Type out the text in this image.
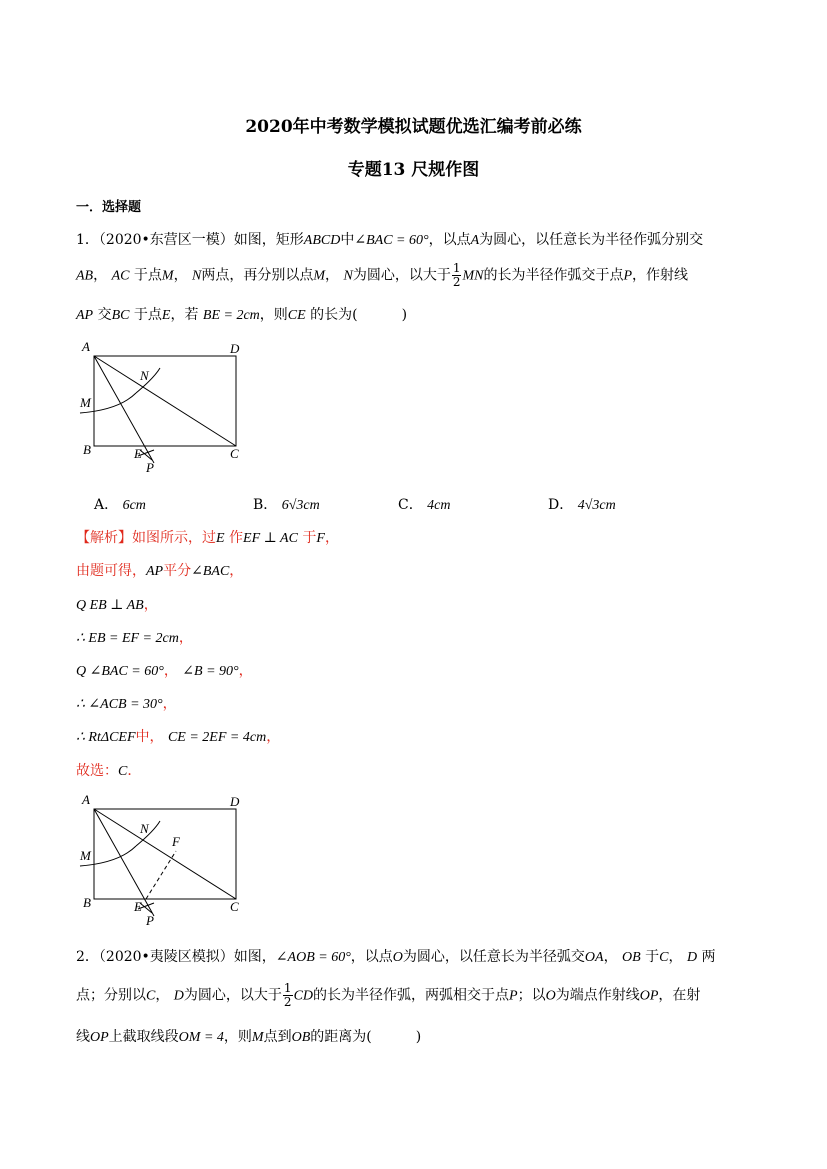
2020年中考数学模拟试题优选汇编考前必练
专题13 尺规作图
一．选择题
1．（2020•东营区一模）如图，矩形ABCD中∠BAC = 60°，以点A为圆心，以任意长为半径作弧分别交
AB， AC 于点M， N两点，再分别以点M， N为圆心，以大于 $\frac{1}{2}$ MN的长为半径作弧交于点P，作射线
AP 交BC 于点E，若 BE = 2cm，则CE 的长为(	)
A	D
N
M
B	E
P
C
A． 6cm	B． 6√3cm	C． 4cm	D． 4√3cm
【解析】如图所示，过E 作EF ⊥ AC 于F，
由题可得，AP平分∠BAC，
Q EB ⊥ AB，
∴ EB = EF = 2cm，
Q ∠BAC = 60°， ∠B = 90°，
∴ ∠ACB = 30°，
∴ RtΔCEF中， CE = 2EF = 4cm，
故选：C．
A	D
N
F
M
B	E
P
C
2．（2020•夷陵区模拟）如图，∠AOB = 60°，以点O为圆心，以任意长为半径弧交OA， OB 于C， D 两
点；分别以C， D为圆心，以大于 $\frac{1}{2}$ CD的长为半径作弧，两弧相交于点P；以O为端点作射线OP，在射
线OP上截取线段OM = 4，则M点到OB的距离为(	)
